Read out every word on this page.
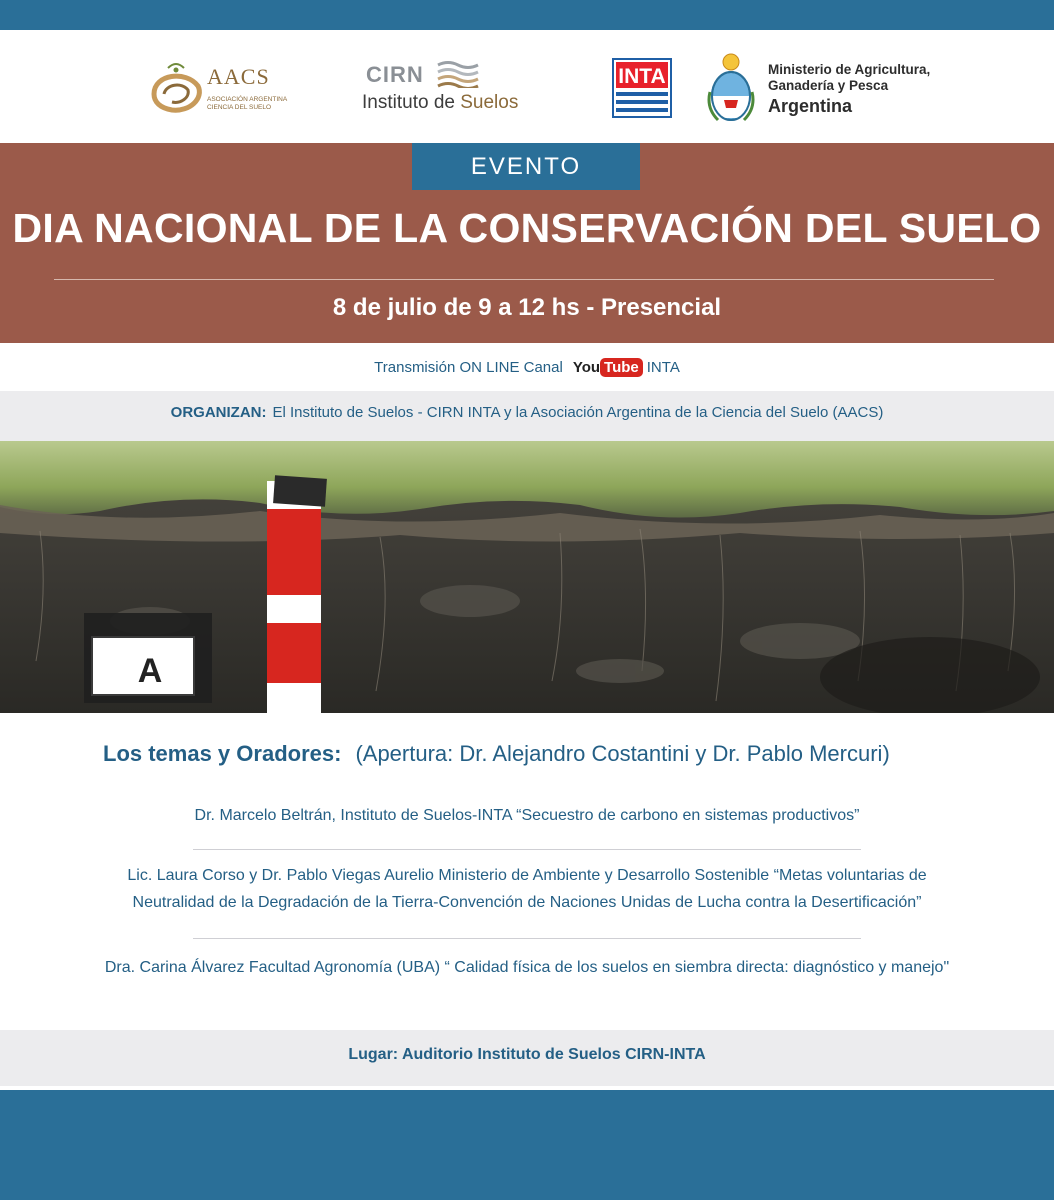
AACS
ASOCIACIÓN ARGENTINA CIENCIA DEL SUELO
CIRN
Instituto de Suelos
INTA	Ministerio de Agricultura,
Ganadería y Pesca
Argentina
EVENTO
DIA NACIONAL DE LA CONSERVACIÓN DEL SUELO
8 de julio de 9 a 12 hs - Presencial
Transmisión ON LINE Canal You Tube INTA
ORGANIZAN: El Instituto de Suelos - CIRN INTA y la Asociación Argentina de la Ciencia del Suelo (AACS)
A
Los temas y Oradores: (Apertura: Dr. Alejandro Costantini y Dr. Pablo Mercuri)
Dr. Marcelo Beltrán, Instituto de Suelos-INTA “Secuestro de carbono en sistemas productivos”
Lic. Laura Corso y Dr. Pablo Viegas Aurelio Ministerio de Ambiente y Desarrollo Sostenible “Metas voluntarias de
Neutralidad de la Degradación de la Tierra-Convención de Naciones Unidas de Lucha contra la Desertificación”
Dra. Carina Álvarez Facultad Agronomía (UBA) “ Calidad física de los suelos en siembra directa: diagnóstico y manejo"
Lugar: Auditorio Instituto de Suelos CIRN-INTA
